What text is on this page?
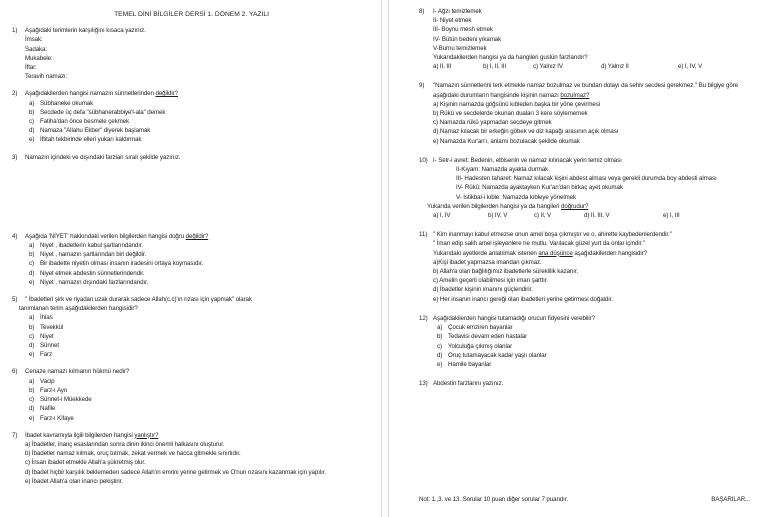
TEMEL DİNİ BİLGİLER DERSİ 1. DÖNEM 2. YAZILI
1)	Aşağıdaki terimlerin karşılığını kısaca yazınız.
İmsak:
Sadaka:
Mukabele:
İftar:
Teravih namazı:
2)	Aşağıdakilerden hangisi namazın sünnetlerinden değildir?
a) Sübhaneke okumak
b) Secdede üç defa "sübhanerabbiye'l-ala" demek
c) Fatiha'dan önce besmele çekmek
d) Namaza "Allahu Ekber" diyerek başlamak
e) İftitah tekbirinde elleri yukarı kaldırmak
3)	Namazın içindeki ve dışındaki farzları sıralı şekilde yazınız.
4)	Aşağıda 'NİYET' hakkındaki verilen bilgilerden hangisi doğru değildir?
a) Niyet , ibadetlerin kabul şartlarındandır.
b) Niyet , namazın şartlarından biri değildir.
c) Bir ibadette niyetin olması insanın iradesini ortaya koymasıdır.
d) Niyet etmek abdestin sünnetlerindendir.
e) Niyet , namazın dışındaki farzlarındandır.
5)	'' İbadetleri şirk ve riyadan uzak durarak sadece Allah(c.c)'ın rızası için yapmak'' olarak
tanımlanan terim aşağıdakilerden hangisidir?
a) İhlas
b) Tevekkül
c) Niyet
d) Sünnet
e) Farz
6)	Cenaze namazı kılmanın hükmü nedir?
a) Vacip
b) Farz-ı Ayn
c) Sünnet-i Müekkede
d) Nafile
e) Farz-ı Kifaye
7)	İbadet kavramıyla ilgili bilgilerden hangisi yanlıştır?
a) İbadetler, inanç esaslarından sonra dinin ikinci önemli halkasını oluşturur.
b) İbadetler namaz kılmak, oruç tutmak, zekat vermek ve hacca gitmekle sınırlıdır.
c) İnsan ibadet etmekle Allah'a şükretmiş olur.
d) İbadet hiçbir karşılık beklemeden sadece Allah'ın emrini yerine getirmek ve O'nun rızasını kazanmak için yapılır.
e) İbadet Allah'a olan inancı pekiştirir.
8)	I- Ağzı temizlemek
II- Niyet etmek
III- Boynu mesh etmek
IV- Bütün bedeni yıkamak
V-Burnu temizlemek
Yukarıdakilerden hangisi ya da hangileri guslün farzlarıdır?
a) II, III	b) I, II, III	c) Yalnız IV	d) Yalnız II	e) I, IV, V
9)	"Namazın sünnetlerini terk etmekle namaz bozulmaz ve bundan dolayı da sehiv secdesi gerekmez." Bu bilgiye göre
aşağıdaki durumların hangisinde kişinin namazı bozulmaz?
a) Kişinin namazda göğsünü kıbleden başka bir yöne çevirmesi
b) Rükû ve secdelerde okunan duaları 3 kere söylememek
c) Namazda rükû yapmadan secdeye gitmek
d) Namaz kılacak bir erkeğin göbek ve diz kapağı arasının açık olması
e) Namazda Kur'an'ı, anlamı bozulacak şekilde okumak
10) I- Setr-i avret: Bedenin, elbisenin ve namaz kılınacak yerin temiz olması
II-Kıyam: Namazda ayakta durmak
III- Hadesten taharet: Namaz kılacak kişini abdest alması veya gerekli durumda boy abdesti alması
IV- Rükû: Namazda ayaktayken Kur'an'dan birkaç ayet okumak
V- İstikbal-i kıble: Namazda kıbleye yönelmek
Yukarıda verilen bilgilerden hangisi ya da hangileri doğrudur?
a) I, IV	b) IV, V	c) II, V	d) II, III, V	e) I, III
11) " Kim inanmayı kabul etmezse onun amel boşa çıkmıştır ve o, ahirette kaybedenlerdendir."
" İman edip salih amel işleyenlere ne mutlu. Varılacak güzel yurt da onlar içindir."
Yukarıdaki ayetlerde anlatılmak istenen ana düşünce aşağıdakilerden hangisidir?
a)Kişi ibadet yapmazsa imandan çıkmaz.
b) Allah'a olan bağlılığımız ibadetlerle süreklilik kazanır.
c) Amelin geçerli olabilmesi için iman şarttır.
d) İbadetler kişinin imanını güçlendirir.
e) Her insanın inancı gereği olan ibadetleri yerine getirmesi doğaldır.
12) Aşağıdakilerden hangisi tutamadığı orucun fidyesini verebilir?
a) Çocuk emziren bayanlar
b) Tedavisi devam eden hastalar
c) Yolculuğa çıkmış olanlar
d) Oruç tutamayacak kadar yaşlı olanlar
e) Hamile bayanlar
13) Abdestin farzlarını yazınız.
Not: 1.,3. ve 13. Sorular 10 puan diğer sorular 7 puandır.	BAŞARILAR...
